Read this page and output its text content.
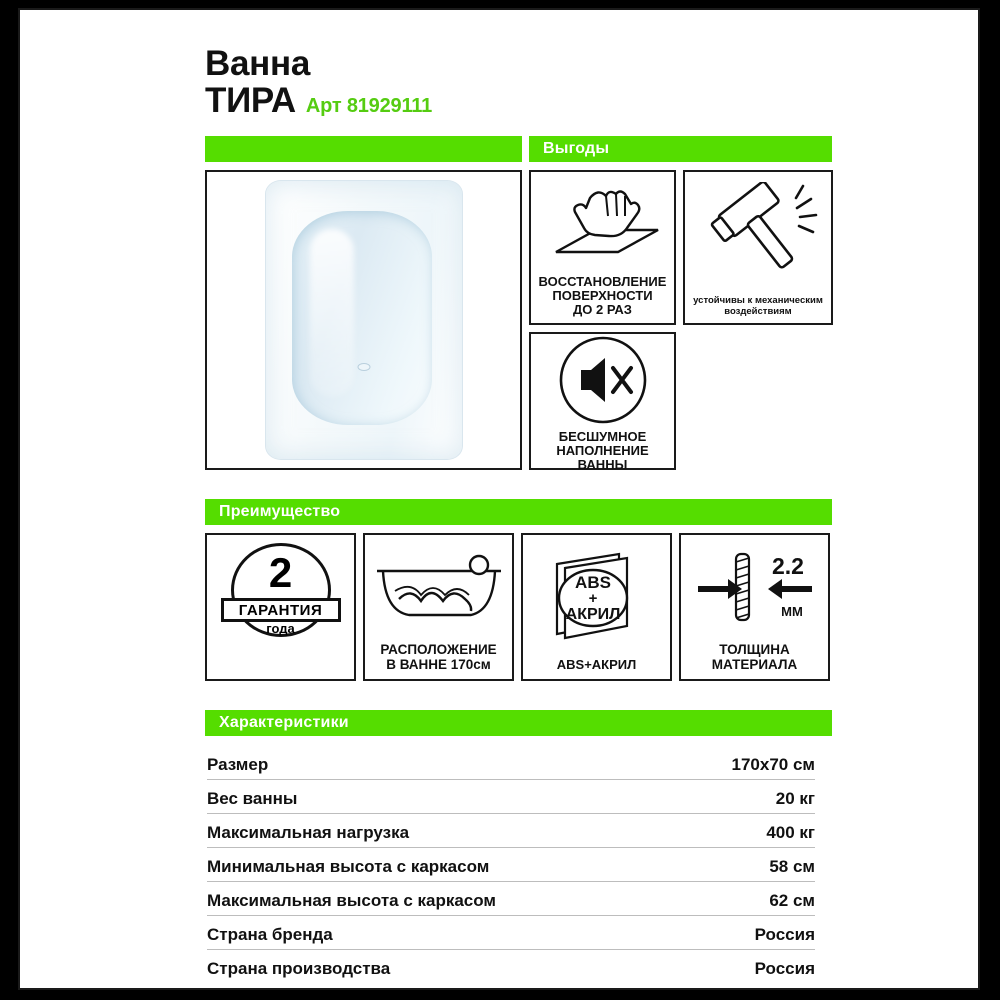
Ванна
ТИРА Арт 81929111
Выгоды
ВОССТАНОВЛЕНИЕ
ПОВЕРХНОСТИ
ДО 2 РАЗ
устойчивы к механическим
воздействиям
БЕСШУМНОЕ
НАПОЛНЕНИЕ ВАННЫ
Преимущество
2
ГАРАНТИЯ
года
РАСПОЛОЖЕНИЕ
В ВАННЕ 170см
ABS
+
АКРИЛ
ABS+АКРИЛ
2.2
ММ
ТОЛЩИНА
МАТЕРИАЛА
Характеристики
Размер	170х70 см
Вес ванны	20 кг
Максимальная нагрузка	400 кг
Минимальная высота с каркасом	58 см
Максимальная высота с каркасом	62 см
Страна бренда	Россия
Страна производства	Россия
